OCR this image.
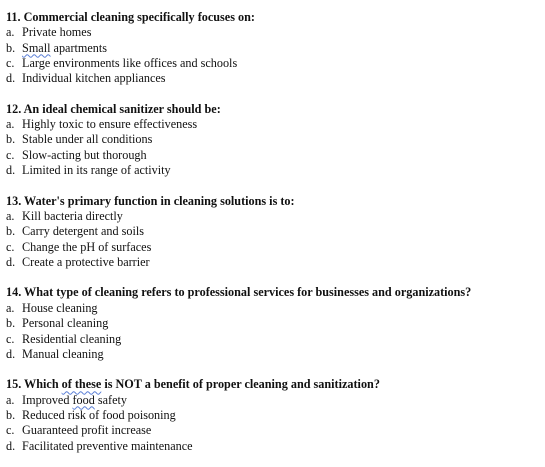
11. Commercial cleaning specifically focuses on:
a. Private homes
b. Small apartments
c. Large environments like offices and schools
d. Individual kitchen appliances
12. An ideal chemical sanitizer should be:
a. Highly toxic to ensure effectiveness
b. Stable under all conditions
c. Slow-acting but thorough
d. Limited in its range of activity
13. Water's primary function in cleaning solutions is to:
a. Kill bacteria directly
b. Carry detergent and soils
c. Change the pH of surfaces
d. Create a protective barrier
14. What type of cleaning refers to professional services for businesses and organizations?
a. House cleaning
b. Personal cleaning
c. Residential cleaning
d. Manual cleaning
15. Which of these is NOT a benefit of proper cleaning and sanitization?
a. Improved food safety
b. Reduced risk of food poisoning
c. Guaranteed profit increase
d. Facilitated preventive maintenance
